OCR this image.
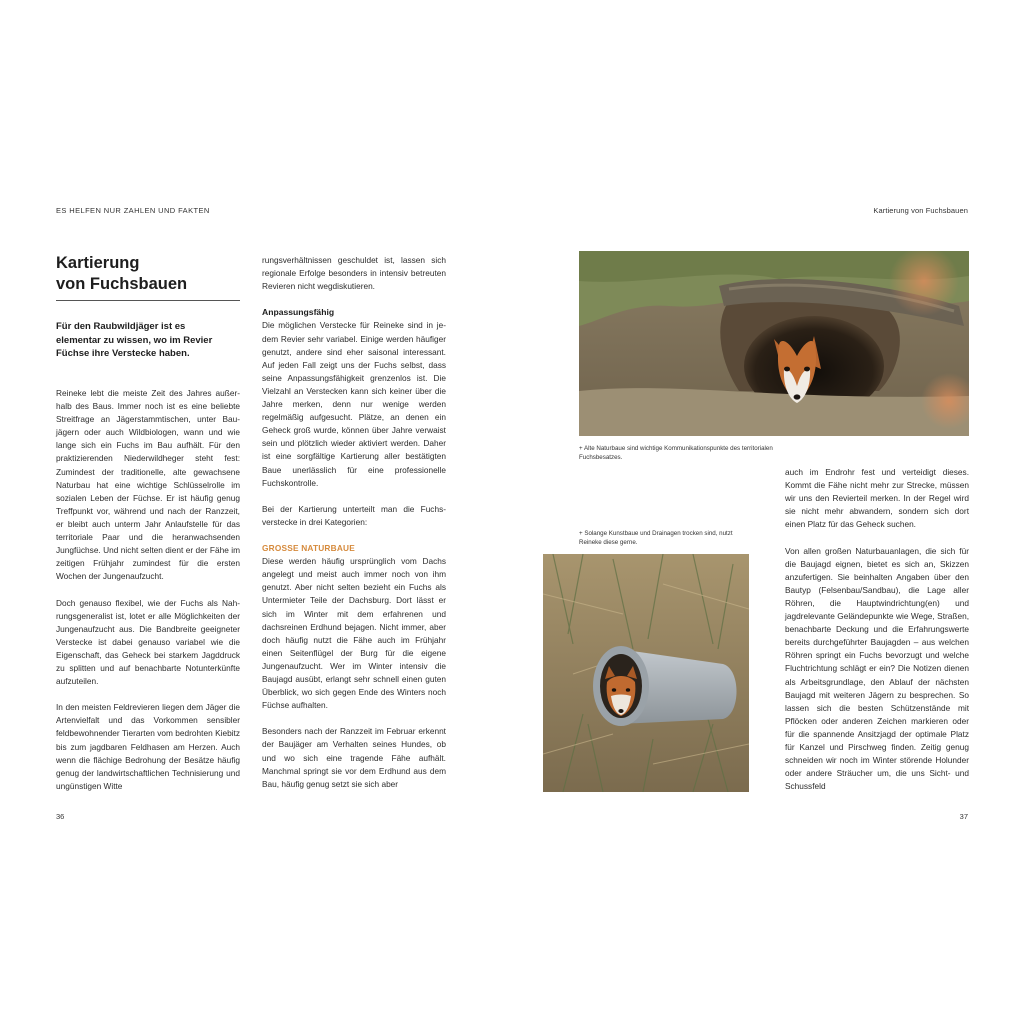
ES HELFEN NUR ZAHLEN UND FAKTEN	Kartierung von Fuchsbauen
Kartierung
von Fuchsbauen

Für den Raubwildjäger ist es elementar zu wissen, wo im Revier Füchse ihre Verstecke haben.

Reineke lebt die meiste Zeit des Jahres außerhalb des Baus. Immer noch ist es eine beliebte Streitfrage an Jägerstammtischen, unter Baujägern oder auch Wildbiologen, wann und wie lange sich ein Fuchs im Bau aufhält. Für den praktizierenden Niederwildheger steht fest: Zumindest der traditionelle, alte gewachsene Naturbau hat eine wichtige Schlüsselrolle im sozialen Leben der Füchse. Er ist häufig genug Treffpunkt vor, während und nach der Ranzzeit, er bleibt auch unterm Jahr Anlaufstelle für das territoriale Paar und die heranwachsenden Jungfüchse. Und nicht selten dient er der Fähe im zeitigen Frühjahr zumindest für die ersten Wochen der Jungenaufzucht.

Doch genauso flexibel, wie der Fuchs als Nahrungsgeneralist ist, lotet er alle Möglichkeiten der Jungenaufzucht aus. Die Bandbreite geeigneter Verstecke ist dabei genauso variabel wie die Eigenschaft, das Geheck bei starkem Jagddruck zu splitten und auf benachbarte Notunterkünfte aufzuteilen.

In den meisten Feldrevieren liegen dem Jäger die Artenvielfalt und das Vorkommen sensibler feldbewohnender Tierarten vom bedrohten Kiebitz bis zum jagdbaren Feldhasen am Herzen. Auch wenn die flächige Bedrohung der Besätze häufig genug der landwirtschaftlichen Technisierung und ungünstigen Witte

rungsverhältnissen geschuldet ist, lassen sich regionale Erfolge besonders in intensiv betreuten Revieren nicht wegdiskutieren.

Anpassungsfähig

Die möglichen Verstecke für Reineke sind in jedem Revier sehr variabel. Einige werden häufiger genutzt, andere sind eher saisonal interessant. Auf jeden Fall zeigt uns der Fuchs selbst, dass seine Anpassungsfähigkeit grenzenlos ist. Die Vielzahl an Verstecken kann sich keiner über die Jahre merken, denn nur wenige werden regelmäßig aufgesucht. Plätze, an denen ein Geheck groß wurde, können über Jahre verwaist sein und plötzlich wieder aktiviert werden. Daher ist eine sorgfältige Kartierung aller bestätigten Baue unerlässlich für eine professionelle Fuchskontrolle.

Bei der Kartierung unterteilt man die Fuchsverstecke in drei Kategorien:

GROSSE NATURBAUE

Diese werden häufig ursprünglich vom Dachs angelegt und meist auch immer noch von ihm genutzt. Aber nicht selten bezieht ein Fuchs als Untermieter Teile der Dachsburg. Dort lässt er sich im Winter mit dem erfahrenen und dachsreinen Erdhund bejagen. Nicht immer, aber doch häufig nutzt die Fähe auch im Frühjahr einen Seitenflügel der Burg für die eigene Jungenaufzucht. Wer im Winter intensiv die Baujagd ausübt, erlangt sehr schnell einen guten Überblick, wo sich gegen Ende des Winters noch Füchse aufhalten.

Besonders nach der Ranzzeit im Februar erkennt der Baujäger am Verhalten seines Hundes, ob und wo sich eine tragende Fähe aufhält. Manchmal springt sie vor dem Erdhund aus dem Bau, häufig genug setzt sie sich aber

+ Alte Naturbaue sind wichtige Kommunikationspunkte des territorialen Fuchsbesatzes.
+ Solange Kunstbaue und Drainagen trocken sind, nutzt Reineke diese gerne.

auch im Endrohr fest und verteidigt dieses. Kommt die Fähe nicht mehr zur Strecke, müssen wir uns den Revierteil merken. In der Regel wird sie nicht mehr abwandern, sondern sich dort einen Platz für das Geheck suchen.

Von allen großen Naturbauanlagen, die sich für die Baujagd eignen, bietet es sich an, Skizzen anzufertigen. Sie beinhalten Angaben über den Bautyp (Felsenbau/Sandbau), die Lage aller Röhren, die Hauptwindrichtung(en) und jagdrelevante Geländepunkte wie Wege, Straßen, benachbarte Deckung und die Erfahrungswerte bereits durchgeführter Baujagden – aus welchen Röhren springt ein Fuchs bevorzugt und welche Fluchtrichtung schlägt er ein? Die Notizen dienen als Arbeitsgrundlage, den Ablauf der nächsten Baujagd mit weiteren Jägern zu besprechen. So lassen sich die besten Schützenstände mit Pflöcken oder anderen Zeichen markieren oder für die spannende Ansitzjagd der optimale Platz für Kanzel und Pirschweg finden. Zeitig genug schneiden wir noch im Winter störende Holunder oder andere Sträucher um, die uns Sicht- und Schussfeld

36	37
